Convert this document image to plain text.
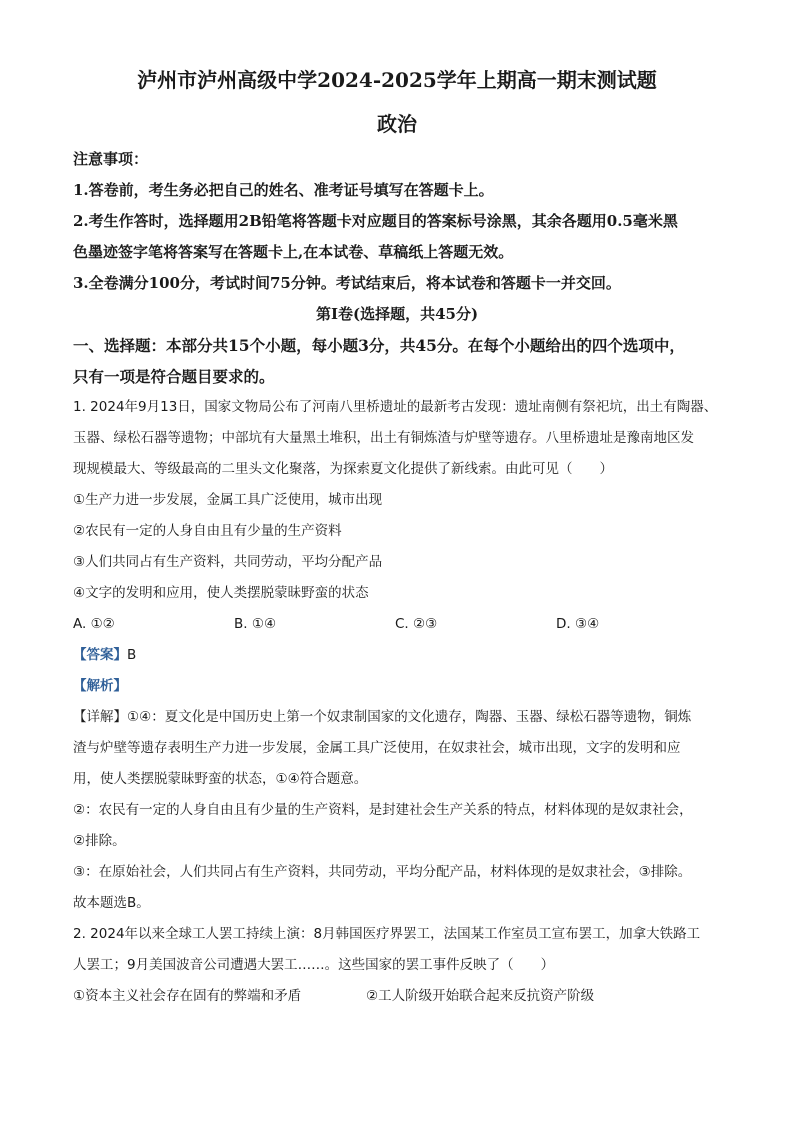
泸州市泸州高级中学2024-2025学年上期高一期末测试题
政治

注意事项：

1.答卷前，考生务必把自己的姓名、准考证号填写在答题卡上。

2.考生作答时，选择题用2B铅笔将答题卡对应题目的答案标号涂黑，其余各题用0.5毫米黑

色墨迹签字笔将答案写在答题卡上,在本试卷、草稿纸上答题无效。

3.全卷满分100分，考试时间75分钟。考试结束后，将本试卷和答题卡一并交回。

第Ⅰ卷(选择题，共45分)

一、选择题：本部分共15个小题，每小题3分，共45分。在每个小题给出的四个选项中，

只有一项是符合题目要求的。

1. 2024年9月13日，国家文物局公布了河南八里桥遗址的最新考古发现：遗址南侧有祭祀坑，出土有陶器、

玉器、绿松石器等遗物；中部坑有大量黑土堆积，出土有铜炼渣与炉壁等遗存。八里桥遗址是豫南地区发

现规模最大、等级最高的二里头文化聚落，为探索夏文化提供了新线索。由此可见（　　）

①生产力进一步发展，金属工具广泛使用，城市出现

②农民有一定的人身自由且有少量的生产资料

③人们共同占有生产资料，共同劳动，平均分配产品

④文字的发明和应用，使人类摆脱蒙昧野蛮的状态

A. ①②	B. ①④	C. ②③	D. ③④

【答案】B

【解析】

【详解】①④：夏文化是中国历史上第一个奴隶制国家的文化遗存，陶器、玉器、绿松石器等遗物，铜炼

渣与炉壁等遗存表明生产力进一步发展，金属工具广泛使用，在奴隶社会，城市出现，文字的发明和应

用，使人类摆脱蒙昧野蛮的状态，①④符合题意。

②：农民有一定的人身自由且有少量的生产资料，是封建社会生产关系的特点，材料体现的是奴隶社会，

②排除。

③：在原始社会，人们共同占有生产资料，共同劳动，平均分配产品，材料体现的是奴隶社会，③排除。

故本题选B。

2. 2024年以来全球工人罢工持续上演：8月韩国医疗界罢工，法国某工作室员工宣布罢工，加拿大铁路工

人罢工；9月美国波音公司遭遇大罢工……。这些国家的罢工事件反映了（　　）

①资本主义社会存在固有的弊端和矛盾	②工人阶级开始联合起来反抗资产阶级
